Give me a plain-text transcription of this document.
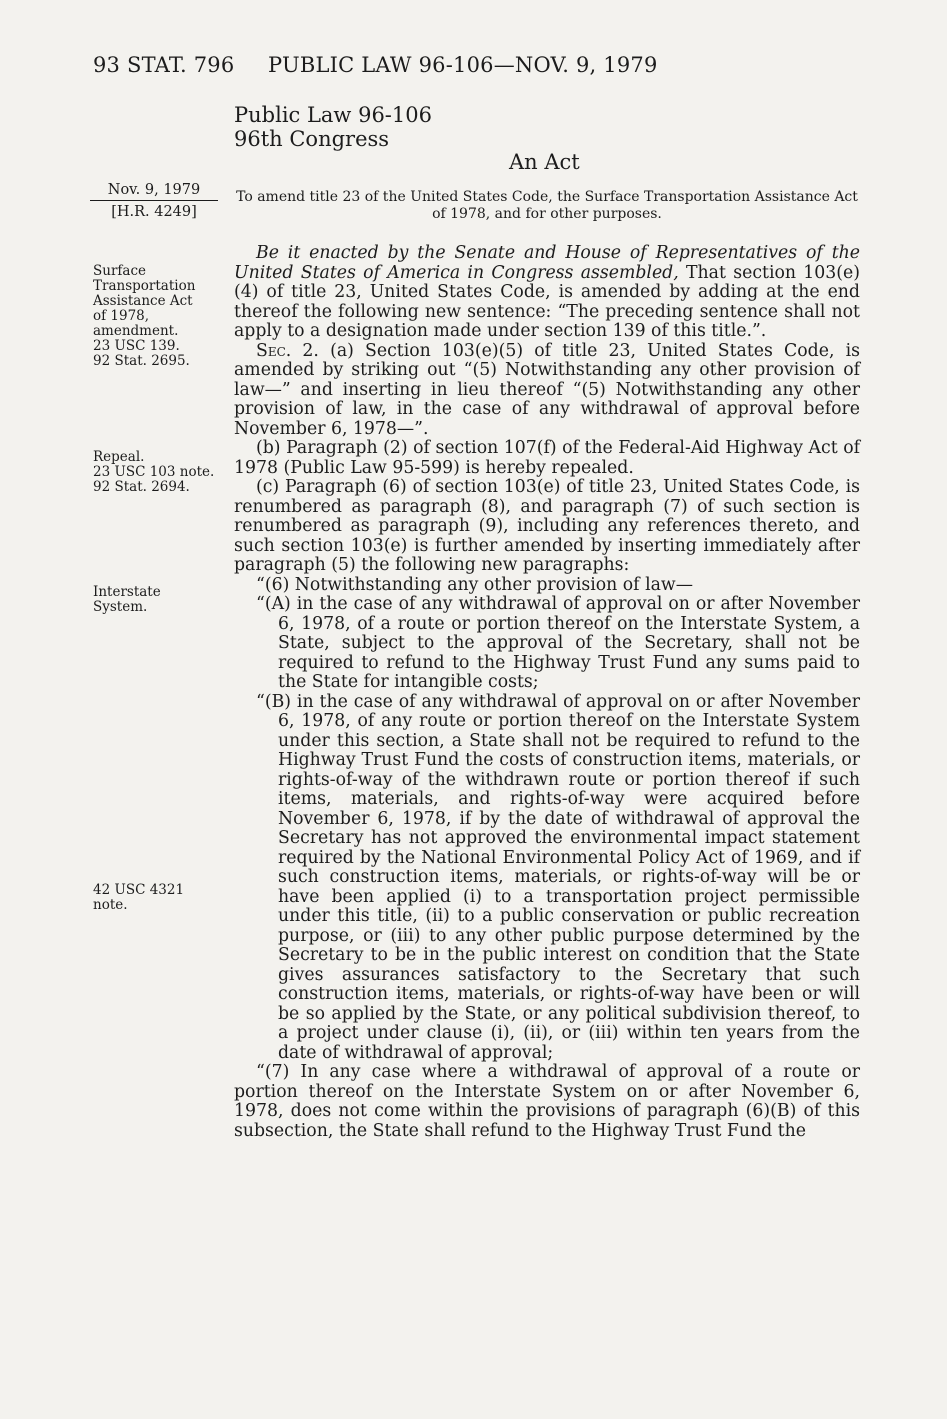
93 STAT. 796 PUBLIC LAW 96-106—NOV. 9, 1979
Public Law 96-106
96th Congress
An Act
Nov. 9, 1979
[H.R. 4249]
To amend title 23 of the United States Code, the Surface Transportation Assistance Act of 1978, and for other purposes.
Surface
Transportation
Assistance Act
of 1978,
amendment.
23 USC 139.
92 Stat. 2695.
Repeal.
23 USC 103 note.
92 Stat. 2694.
Interstate
System.
42 USC 4321
note.

Be it enacted by the Senate and House of Representatives of the United States of America in Congress assembled, That section 103(e)(4) of title 23, United States Code, is amended by adding at the end thereof the following new sentence: “The preceding sentence shall not apply to a designation made under section 139 of this title.”.

Sec. 2. (a) Section 103(e)(5) of title 23, United States Code, is amended by striking out “(5) Notwithstanding any other provision of law—” and inserting in lieu thereof “(5) Notwithstanding any other provision of law, in the case of any withdrawal of approval before November 6, 1978—”.

(b) Paragraph (2) of section 107(f) of the Federal-Aid Highway Act of 1978 (Public Law 95-599) is hereby repealed.

(c) Paragraph (6) of section 103(e) of title 23, United States Code, is renumbered as paragraph (8), and paragraph (7) of such section is renumbered as paragraph (9), including any references thereto, and such section 103(e) is further amended by inserting immediately after paragraph (5) the following new paragraphs:

“(6) Notwithstanding any other provision of law—

“(A) in the case of any withdrawal of approval on or after November 6, 1978, of a route or portion thereof on the Interstate System, a State, subject to the approval of the Secretary, shall not be required to refund to the Highway Trust Fund any sums paid to the State for intangible costs;

“(B) in the case of any withdrawal of approval on or after November 6, 1978, of any route or portion thereof on the Interstate System under this section, a State shall not be required to refund to the Highway Trust Fund the costs of construction items, materials, or rights-of-way of the withdrawn route or portion thereof if such items, materials, and rights-of-way were acquired before November 6, 1978, if by the date of withdrawal of approval the Secretary has not approved the environmental impact statement required by the National Environmental Policy Act of 1969, and if such construction items, materials, or rights-of-way will be or have been applied (i) to a transportation project permissible under this title, (ii) to a public conservation or public recreation purpose, or (iii) to any other public purpose determined by the Secretary to be in the public interest on condition that the State gives assurances satisfactory to the Secretary that such construction items, materials, or rights-of-way have been or will be so applied by the State, or any political subdivision thereof, to a project under clause (i), (ii), or (iii) within ten years from the date of withdrawal of approval;

“(7) In any case where a withdrawal of approval of a route or portion thereof on the Interstate System on or after November 6, 1978, does not come within the provisions of paragraph (6)(B) of this subsection, the State shall refund to the Highway Trust Fund the
